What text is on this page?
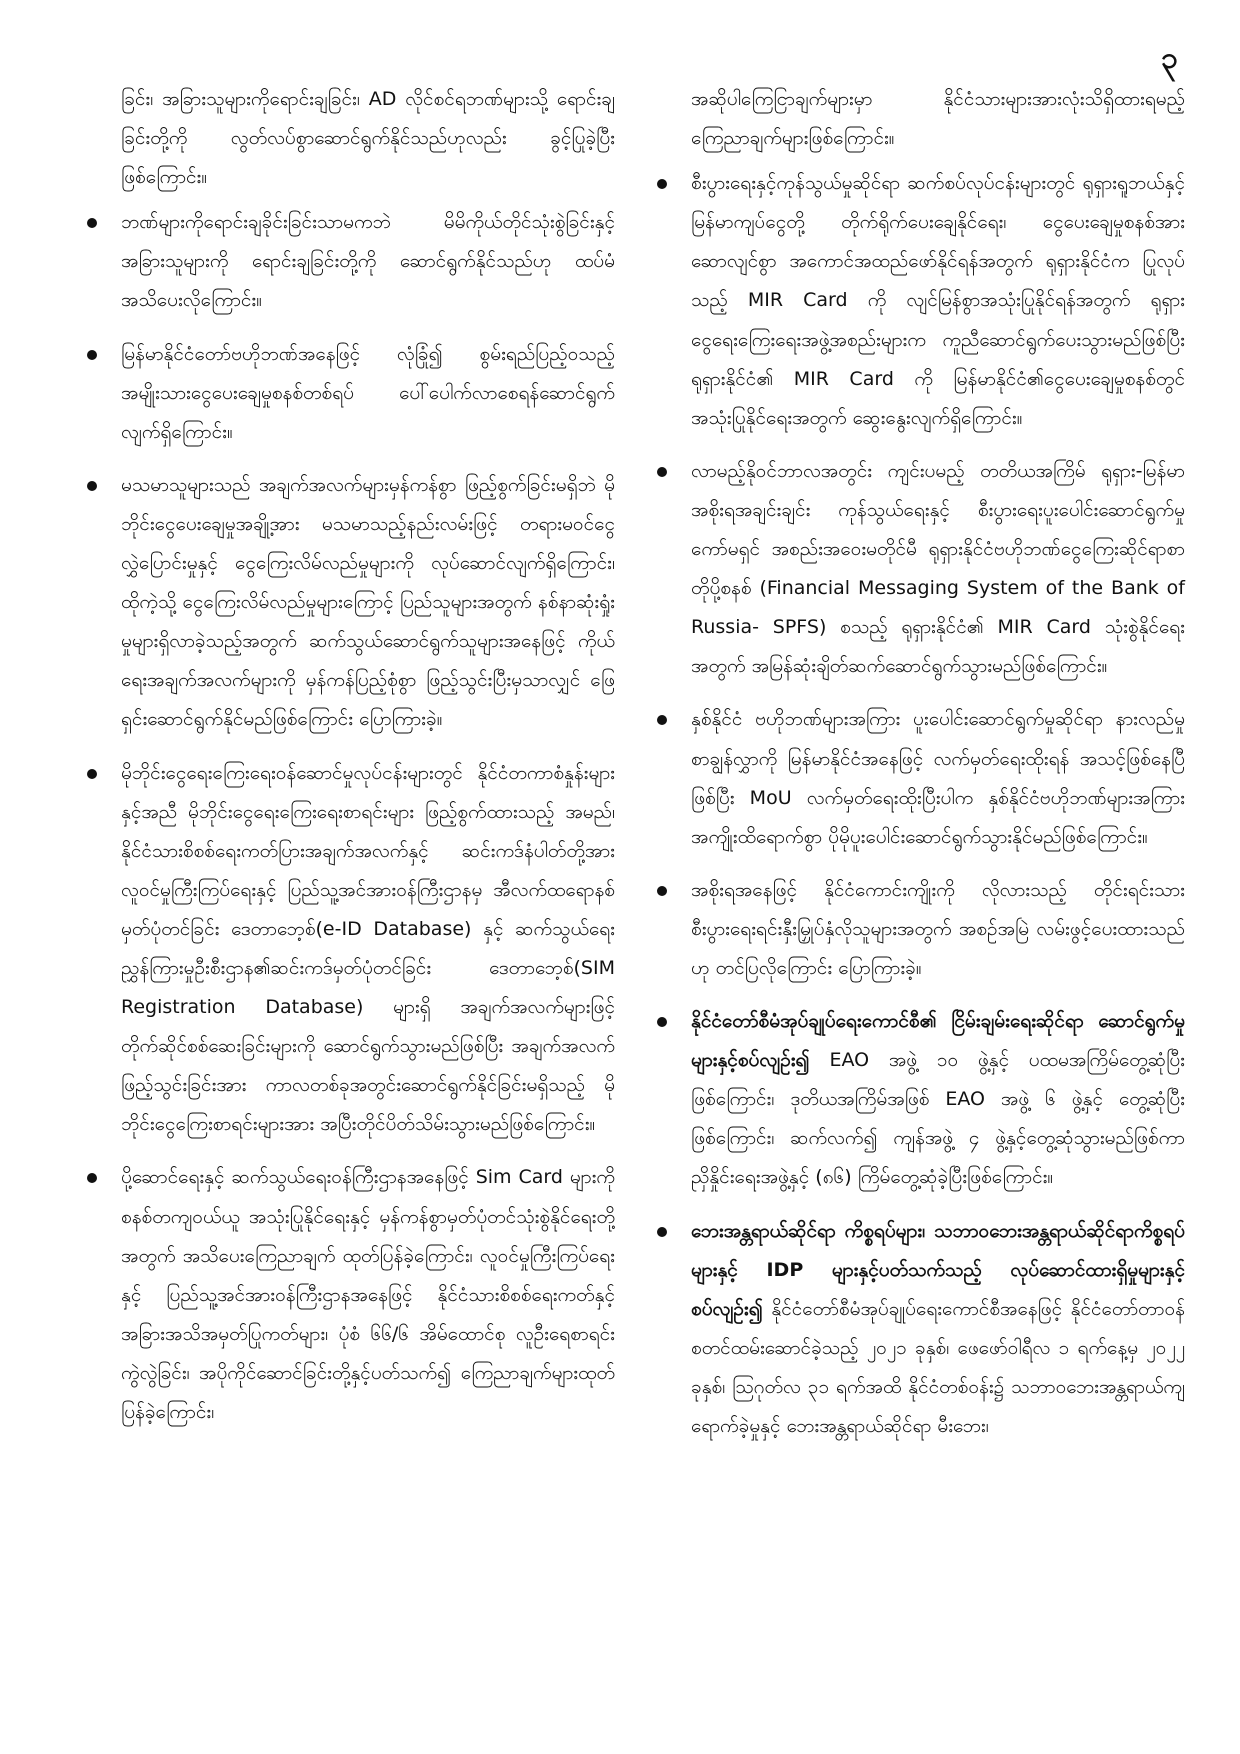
၃

ခြင်း၊ အခြားသူများကိုရောင်းချခြင်း၊ AD လိုင်စင်ရဘဏ်များသို့ ရောင်းချခြင်းတို့ကို လွတ်လပ်စွာဆောင်ရွက်နိုင်သည်ဟုလည်း ခွင့်ပြုခဲ့ပြီးဖြစ်ကြောင်း။

ဘဏ်များကိုရောင်းချခိုင်းခြင်းသာမကဘဲ မိမိကိုယ်တိုင်သုံးစွဲခြင်းနှင့် အခြားသူများကို ရောင်းချခြင်းတို့ကို ဆောင်ရွက်နိုင်သည်ဟု ထပ်မံအသိပေးလိုကြောင်း။
မြန်မာနိုင်ငံတော်ဗဟိုဘဏ်အနေဖြင့် လုံခြုံ၍ စွမ်းရည်ပြည့်ဝသည့် အမျိုးသားငွေပေးချေမှုစနစ်တစ်ရပ် ပေါ်ပေါက်လာစေရန်ဆောင်ရွက်လျက်ရှိကြောင်း။
မသမာသူများသည် အချက်အလက်များမှန်ကန်စွာ ဖြည့်စွက်ခြင်းမရှိဘဲ မိုဘိုင်းငွေပေးချေမှုအချို့အား မသမာသည့်နည်းလမ်းဖြင့် တရားမဝင်ငွေ လွှဲပြောင်းမှုနှင့် ငွေကြေးလိမ်လည်မှုများကို လုပ်ဆောင်လျက်ရှိကြောင်း၊ ထိုကဲ့သို့ ငွေကြေးလိမ်လည်မှုများကြောင့် ပြည်သူများအတွက် နစ်နာဆုံးရှုံးမှုများရှိလာခဲ့သည့်အတွက် ဆက်သွယ်ဆောင်ရွက်သူများအနေဖြင့် ကိုယ်ရေးအချက်အလက်များကို မှန်ကန်ပြည့်စုံစွာ ဖြည့်သွင်းပြီးမှသာလျှင် ဖြေရှင်းဆောင်ရွက်နိုင်မည်ဖြစ်ကြောင်း ပြောကြားခဲ့။
မိုဘိုင်းငွေရေးကြေးရေးဝန်ဆောင်မှုလုပ်ငန်းများတွင် နိုင်ငံတကာစံနှုန်းများနှင့်အညီ မိုဘိုင်းငွေရေးကြေးရေးစာရင်းများ ဖြည့်စွက်ထားသည့် အမည်၊ နိုင်ငံသားစိစစ်ရေးကတ်ပြားအချက်အလက်နှင့် ဆင်းကဒ်နံပါတ်တို့အား လူဝင်မှုကြီးကြပ်ရေးနှင့် ပြည်သူ့အင်အားဝန်ကြီးဌာနမှ အီလက်ထရောနစ်မှတ်ပုံတင်ခြင်း ဒေတာဘေ့စ်(e-ID Database) နှင့် ဆက်သွယ်ရေးညွှန်ကြားမှုဦးစီးဌာန၏ဆင်းကဒ်မှတ်ပုံတင်ခြင်း ဒေတာဘေ့စ်(SIM Registration Database) များရှိ အချက်အလက်များဖြင့် တိုက်ဆိုင်စစ်ဆေးခြင်းများကို ဆောင်ရွက်သွားမည်ဖြစ်ပြီး အချက်အလက်ဖြည့်သွင်းခြင်းအား ကာလတစ်ခုအတွင်းဆောင်ရွက်နိုင်ခြင်းမရှိသည့် မိုဘိုင်းငွေကြေးစာရင်းများအား အပြီးတိုင်ပိတ်သိမ်းသွားမည်ဖြစ်ကြောင်း။
ပို့ဆောင်ရေးနှင့် ဆက်သွယ်ရေးဝန်ကြီးဌာနအနေဖြင့် Sim Card များကို စနစ်တကျဝယ်ယူ အသုံးပြုနိုင်ရေးနှင့် မှန်ကန်စွာမှတ်ပုံတင်သုံးစွဲနိုင်ရေးတို့အတွက် အသိပေးကြေညာချက် ထုတ်ပြန်ခဲ့ကြောင်း၊ လူဝင်မှုကြီးကြပ်ရေးနှင့် ပြည်သူ့အင်အားဝန်ကြီးဌာနအနေဖြင့် နိုင်ငံသားစိစစ်ရေးကတ်နှင့် အခြားအသိအမှတ်ပြုကတ်များ၊ ပုံစံ ၆၆/၆ အိမ်ထောင်စု လူဦးရေစာရင်းကွဲလွဲခြင်း၊ အပိုကိုင်ဆောင်ခြင်းတို့နှင့်ပတ်သက်၍ ကြေညာချက်များထုတ်ပြန်ခဲ့ကြောင်း၊

အဆိုပါကြေငြာချက်များမှာ နိုင်ငံသားများအားလုံးသိရှိထားရမည့် ကြေညာချက်များဖြစ်ကြောင်း။

စီးပွားရေးနှင့်ကုန်သွယ်မှုဆိုင်ရာ ဆက်စပ်လုပ်ငန်းများတွင် ရုရှားရူဘယ်နှင့် မြန်မာကျပ်ငွေတို့ တိုက်ရိုက်ပေးချေနိုင်ရေး၊ ငွေပေးချေမှုစနစ်အား ဆောလျင်စွာ အကောင်အထည်ဖော်နိုင်ရန်အတွက် ရုရှားနိုင်ငံက ပြုလုပ်သည့် MIR Card ကို လျင်မြန်စွာအသုံးပြုနိုင်ရန်အတွက် ရုရှားငွေရေးကြေးရေးအဖွဲ့အစည်းများက ကူညီဆောင်ရွက်ပေးသွားမည်ဖြစ်ပြီး ရုရှားနိုင်ငံ၏ MIR Card ကို မြန်မာနိုင်ငံ၏ငွေပေးချေမှုစနစ်တွင် အသုံးပြုနိုင်ရေးအတွက် ဆွေးနွေးလျက်ရှိကြောင်း။
လာမည့်နိုဝင်ဘာလအတွင်း ကျင်းပမည့် တတိယအကြိမ် ရုရှား-မြန်မာ အစိုးရအချင်းချင်း ကုန်သွယ်ရေးနှင့် စီးပွားရေးပူးပေါင်းဆောင်ရွက်မှုကော်မရှင် အစည်းအဝေးမတိုင်မီ ရုရှားနိုင်ငံဗဟိုဘဏ်ငွေကြေးဆိုင်ရာစာတိုပို့စနစ် (Financial Messaging System of the Bank of Russia- SPFS) စသည့် ရုရှားနိုင်ငံ၏ MIR Card သုံးစွဲနိုင်ရေးအတွက် အမြန်ဆုံးချိတ်ဆက်ဆောင်ရွက်သွားမည်ဖြစ်ကြောင်း။
နှစ်နိုင်ငံ ဗဟိုဘဏ်များအကြား ပူးပေါင်းဆောင်ရွက်မှုဆိုင်ရာ နားလည်မှုစာချွန်လွှာကို မြန်မာနိုင်ငံအနေဖြင့် လက်မှတ်ရေးထိုးရန် အသင့်ဖြစ်နေပြီဖြစ်ပြီး MoU လက်မှတ်ရေးထိုးပြီးပါက နှစ်နိုင်ငံဗဟိုဘဏ်များအကြား အကျိုးထိရောက်စွာ ပိုမိုပူးပေါင်းဆောင်ရွက်သွားနိုင်မည်ဖြစ်ကြောင်း။
အစိုးရအနေဖြင့် နိုင်ငံကောင်းကျိုးကို လိုလားသည့် တိုင်းရင်းသား စီးပွားရေးရင်းနှီးမြှုပ်နှံလိုသူများအတွက် အစဉ်အမြဲ လမ်းဖွင့်ပေးထားသည်ဟု တင်ပြလိုကြောင်း ပြောကြားခဲ့။
နိုင်ငံတော်စီမံအုပ်ချုပ်ရေးကောင်စီ၏ ငြိမ်းချမ်းရေးဆိုင်ရာ ဆောင်ရွက်မှုများနှင့်စပ်လျဉ်း၍ EAO အဖွဲ့ ၁၀ ဖွဲ့နှင့် ပထမအကြိမ်တွေ့ဆုံပြီးဖြစ်ကြောင်း၊ ဒုတိယအကြိမ်အဖြစ် EAO အဖွဲ့ ၆ ဖွဲ့နှင့် တွေ့ဆုံပြီးဖြစ်ကြောင်း၊ ဆက်လက်၍ ကျန်အဖွဲ့ ၄ ဖွဲ့နှင့်တွေ့ဆုံသွားမည်ဖြစ်ကာ ညှိနှိုင်းရေးအဖွဲ့နှင့် (၈၆) ကြိမ်တွေ့ဆုံခဲ့ပြီးဖြစ်ကြောင်း။
ဘေးအန္တရာယ်ဆိုင်ရာ ကိစ္စရပ်များ၊ သဘာဝဘေးအန္တရာယ်ဆိုင်ရာကိစ္စရပ်များနှင့် IDP များနှင့်ပတ်သက်သည့် လုပ်ဆောင်ထားရှိမှုများနှင့်စပ်လျဉ်း၍ နိုင်ငံတော်စီမံအုပ်ချုပ်ရေးကောင်စီအနေဖြင့် နိုင်ငံတော်တာဝန်စတင်ထမ်းဆောင်ခဲ့သည့် ၂၀၂၁ ခုနှစ်၊ ဖေဖော်ဝါရီလ ၁ ရက်နေ့မှ ၂၀၂၂ ခုနှစ်၊ ဩဂုတ်လ ၃၁ ရက်အထိ နိုင်ငံတစ်ဝန်း၌ သဘာဝဘေးအန္တရာယ်ကျရောက်ခဲ့မှုနှင့် ဘေးအန္တရာယ်ဆိုင်ရာ မီးဘေး၊
